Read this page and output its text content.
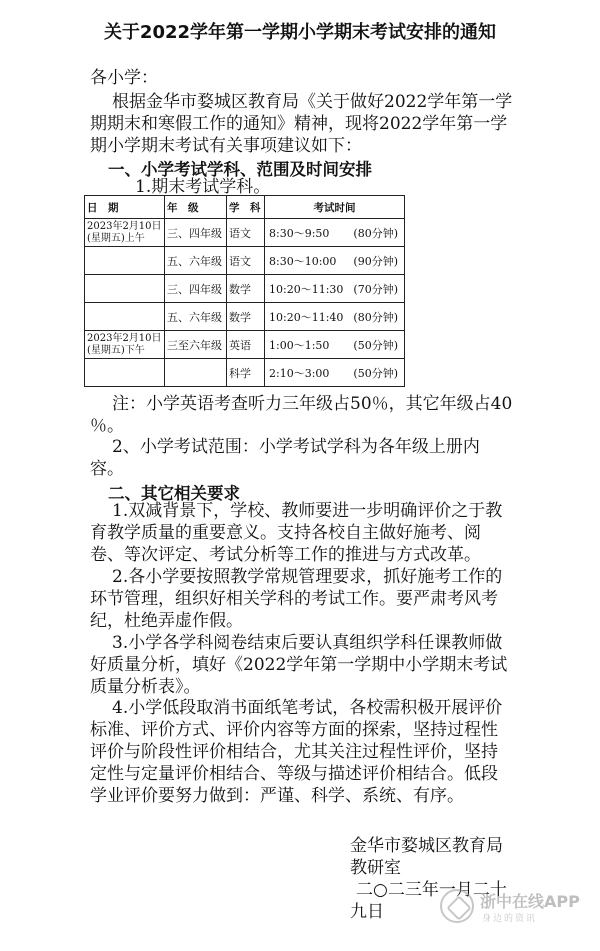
关于2022学年第一学期小学期末考试安排的通知
各小学：
根据金华市婺城区教育局《关于做好2022学年第一学
期期末和寒假工作的通知》精神，现将2022学年第一学
期小学期末考试有关事项建议如下：
一、小学考试学科、范围及时间安排
1.期末考试学科。
日　期	年　级	学　科	考试时间
2023年2月10日(星期五)上午	三、四年级	语文	8:30～9:50 (80分钟)

	五、六年级	语文	8:30～10:00 (90分钟)

	三、四年级	数学	10:20～11:30 (70分钟)

	五、六年级	数学	10:20～11:40 (80分钟)

2023年2月10日(星期五)下午	三至六年级	英语	1:00～1:50 (50分钟)

		科学	2:10～3:00 (50分钟)
注：小学英语考查听力三年级占50％，其它年级占40
％。
2、小学考试范围：小学考试学科为各年级上册内
容。
二、其它相关要求
1.双减背景下，学校、教师要进一步明确评价之于教
育教学质量的重要意义。支持各校自主做好施考、阅
卷、等次评定、考试分析等工作的推进与方式改革。
2.各小学要按照教学常规管理要求，抓好施考工作的
环节管理，组织好相关学科的考试工作。要严肃考风考
纪，杜绝弄虚作假。
3.小学各学科阅卷结束后要认真组织学科任课教师做
好质量分析，填好《2022学年第一学期中小学期末考试
质量分析表》。
4.小学低段取消书面纸笔考试，各校需积极开展评价
标准、评价方式、评价内容等方面的探索，坚持过程性
评价与阶段性评价相结合，尤其关注过程性评价，坚持
定性与定量评价相结合、等级与描述评价相结合。低段
学业评价要努力做到：严谨、科学、系统、有序。
金华市婺城区教育局
教研室
二○二三年一月二十
九日
浙中在线APP
身边的资讯
